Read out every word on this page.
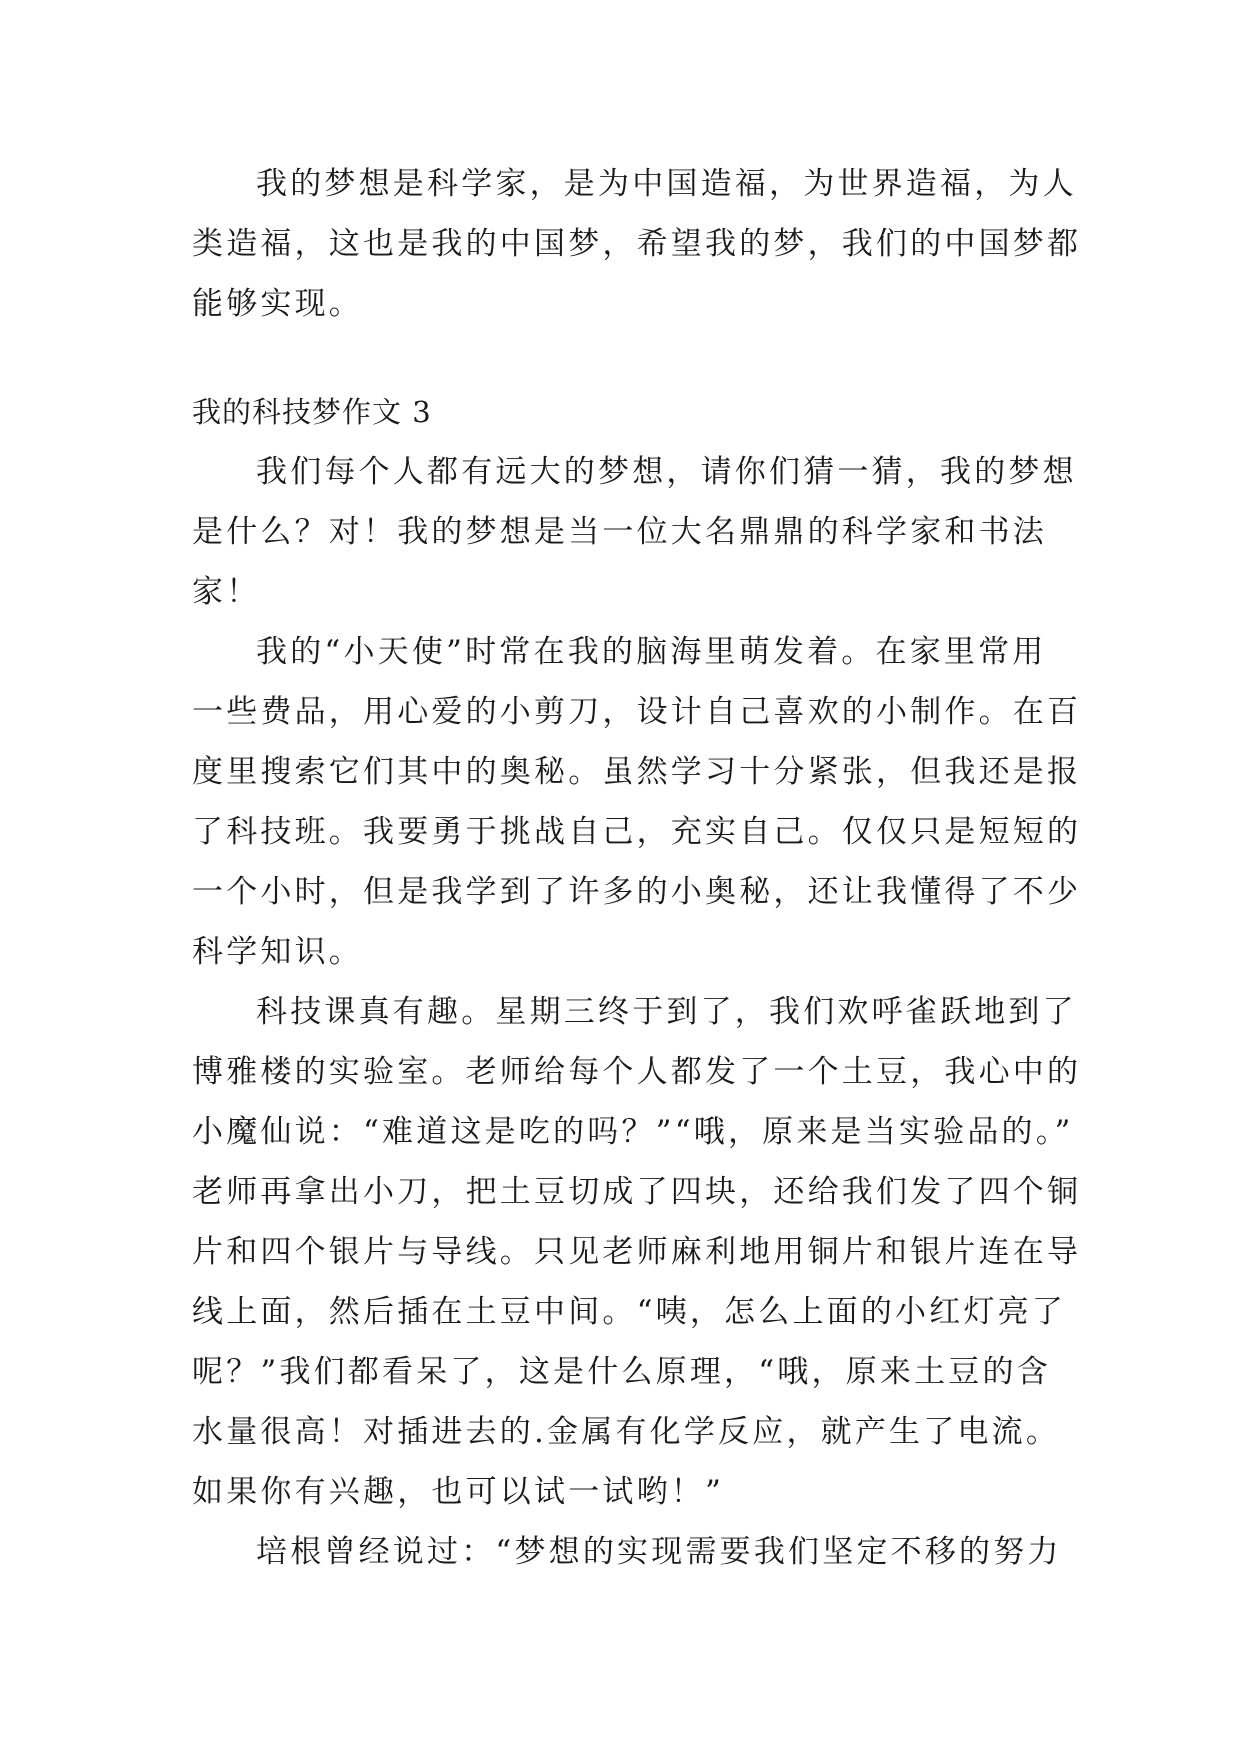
我的梦想是科学家，是为中国造福，为世界造福，为人
类造福，这也是我的中国梦，希望我的梦，我们的中国梦都
能够实现。
我的科技梦作文 3
我们每个人都有远大的梦想，请你们猜一猜，我的梦想
是什么？对！我的梦想是当一位大名鼎鼎的科学家和书法
家！
我的“小天使”时常在我的脑海里萌发着。在家里常用
一些费品，用心爱的小剪刀，设计自己喜欢的小制作。在百
度里搜索它们其中的奥秘。虽然学习十分紧张，但我还是报
了科技班。我要勇于挑战自己，充实自己。仅仅只是短短的
一个小时，但是我学到了许多的小奥秘，还让我懂得了不少
科学知识。
科技课真有趣。星期三终于到了，我们欢呼雀跃地到了
博雅楼的实验室。老师给每个人都发了一个土豆，我心中的
小魔仙说：“难道这是吃的吗？”“哦，原来是当实验品的。”
老师再拿出小刀，把土豆切成了四块，还给我们发了四个铜
片和四个银片与导线。只见老师麻利地用铜片和银片连在导
线上面，然后插在土豆中间。“咦，怎么上面的小红灯亮了
呢？”我们都看呆了，这是什么原理，“哦，原来土豆的含
水量很高！对插进去的.金属有化学反应，就产生了电流。
如果你有兴趣，也可以试一试哟！”
培根曾经说过：“梦想的实现需要我们坚定不移的努力
